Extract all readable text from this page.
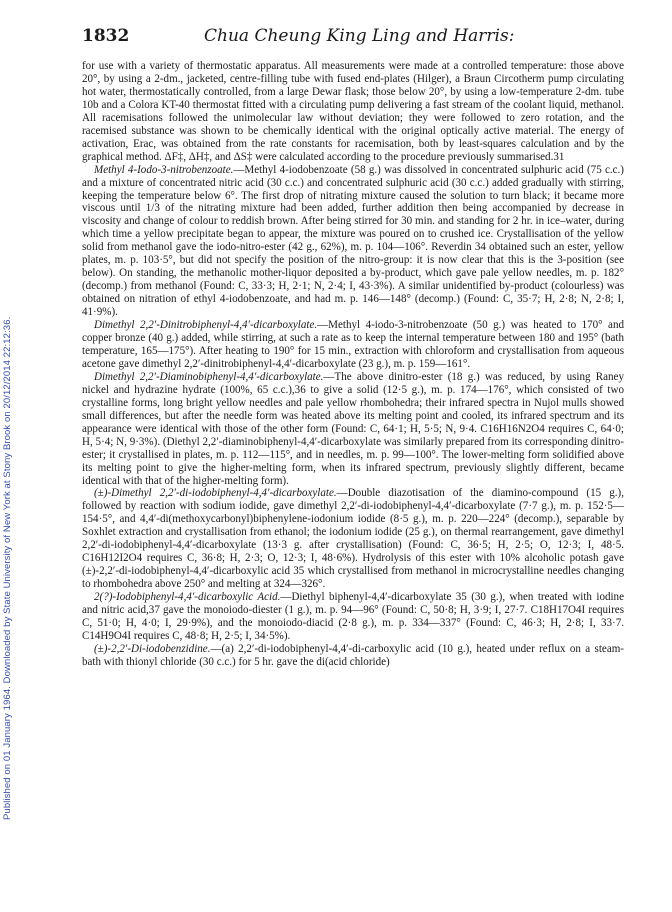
Published on 01 January 1964. Downloaded by State University of New York at Stony Brook on 20/12/2014 22:12:36.
1832	Chua Cheung King Ling and Harris:

for use with a variety of thermostatic apparatus. All measurements were made at a controlled temperature: those above 20°, by using a 2-dm., jacketed, centre-filling tube with fused end-plates (Hilger), a Braun Circotherm pump circulating hot water, thermostatically controlled, from a large Dewar flask; those below 20°, by using a low-temperature 2-dm. tube 10b and a Colora KT-40 thermostat fitted with a circulating pump delivering a fast stream of the coolant liquid, methanol. All racemisations followed the unimolecular law without deviation; they were followed to zero rotation, and the racemised substance was shown to be chemically identical with the original optically active material. The energy of activation, Erac, was obtained from the rate constants for racemisation, both by least-squares calculation and by the graphical method. ΔF‡, ΔH‡, and ΔS‡ were calculated according to the procedure previously summarised.31

Methyl 4-Iodo-3-nitrobenzoate.—Methyl 4-iodobenzoate (58 g.) was dissolved in concentrated sulphuric acid (75 c.c.) and a mixture of concentrated nitric acid (30 c.c.) and concentrated sulphuric acid (30 c.c.) added gradually with stirring, keeping the temperature below 6°. The first drop of nitrating mixture caused the solution to turn black; it became more viscous until 1/3 of the nitrating mixture had been added, further addition then being accompanied by decrease in viscosity and change of colour to reddish brown. After being stirred for 30 min. and standing for 2 hr. in ice–water, during which time a yellow precipitate began to appear, the mixture was poured on to crushed ice. Crystallisation of the yellow solid from methanol gave the iodo-nitro-ester (42 g., 62%), m. p. 104—106°. Reverdin 34 obtained such an ester, yellow plates, m. p. 103·5°, but did not specify the position of the nitro-group: it is now clear that this is the 3-position (see below). On standing, the methanolic mother-liquor deposited a by-product, which gave pale yellow needles, m. p. 182° (decomp.) from methanol (Found: C, 33·3; H, 2·1; N, 2·4; I, 43·3%). A similar unidentified by-product (colourless) was obtained on nitration of ethyl 4-iodobenzoate, and had m. p. 146—148° (decomp.) (Found: C, 35·7; H, 2·8; N, 2·8; I, 41·9%).

Dimethyl 2,2′-Dinitrobiphenyl-4,4′-dicarboxylate.—Methyl 4-iodo-3-nitrobenzoate (50 g.) was heated to 170° and copper bronze (40 g.) added, while stirring, at such a rate as to keep the internal temperature between 180 and 195° (bath temperature, 165—175°). After heating to 190° for 15 min., extraction with chloroform and crystallisation from aqueous acetone gave dimethyl 2,2′-dinitrobiphenyl-4,4′-dicarboxylate (23 g.), m. p. 159—161°.

Dimethyl 2,2′-Diaminobiphenyl-4,4′-dicarboxylate.—The above dinitro-ester (18 g.) was reduced, by using Raney nickel and hydrazine hydrate (100%, 65 c.c.),36 to give a solid (12·5 g.), m. p. 174—176°, which consisted of two crystalline forms, long bright yellow needles and pale yellow rhombohedra; their infrared spectra in Nujol mulls showed small differences, but after the needle form was heated above its melting point and cooled, its infrared spectrum and its appearance were identical with those of the other form (Found: C, 64·1; H, 5·5; N, 9·4. C16H16N2O4 requires C, 64·0; H, 5·4; N, 9·3%). (Diethyl 2,2′-diaminobiphenyl-4,4′-dicarboxylate was similarly prepared from its corresponding dinitro-ester; it crystallised in plates, m. p. 112—115°, and in needles, m. p. 99—100°. The lower-melting form solidified above its melting point to give the higher-melting form, when its infrared spectrum, previously slightly different, became identical with that of the higher-melting form).

(±)-Dimethyl 2,2′-di-iodobiphenyl-4,4′-dicarboxylate.—Double diazotisation of the diamino-compound (15 g.), followed by reaction with sodium iodide, gave dimethyl 2,2′-di-iodobiphenyl-4,4′-dicarboxylate (7·7 g.), m. p. 152·5—154·5°, and 4,4′-di(methoxycarbonyl)biphenylene-iodonium iodide (8·5 g.), m. p. 220—224° (decomp.), separable by Soxhlet extraction and crystallisation from ethanol; the iodonium iodide (25 g.), on thermal rearrangement, gave dimethyl 2,2′-di-iodobiphenyl-4,4′-dicarboxylate (13·3 g. after crystallisation) (Found: C, 36·5; H, 2·5; O, 12·3; I, 48·5. C16H12I2O4 requires C, 36·8; H, 2·3; O, 12·3; I, 48·6%). Hydrolysis of this ester with 10% alcoholic potash gave (±)-2,2′-di-iodobiphenyl-4,4′-dicarboxylic acid 35 which crystallised from methanol in microcrystalline needles changing to rhombohedra above 250° and melting at 324—326°.

2(?)-Iodobiphenyl-4,4′-dicarboxylic Acid.—Diethyl biphenyl-4,4′-dicarboxylate 35 (30 g.), when treated with iodine and nitric acid,37 gave the monoiodo-diester (1 g.), m. p. 94—96° (Found: C, 50·8; H, 3·9; I, 27·7. C18H17O4I requires C, 51·0; H, 4·0; I, 29·9%), and the monoiodo-diacid (2·8 g.), m. p. 334—337° (Found: C, 46·3; H, 2·8; I, 33·7. C14H9O4I requires C, 48·8; H, 2·5; I, 34·5%).

(±)-2,2′-Di-iodobenzidine.—(a) 2,2′-di-iodobiphenyl-4,4′-di-carboxylic acid (10 g.), heated under reflux on a steam-bath with thionyl chloride (30 c.c.) for 5 hr. gave the di(acid chloride)
